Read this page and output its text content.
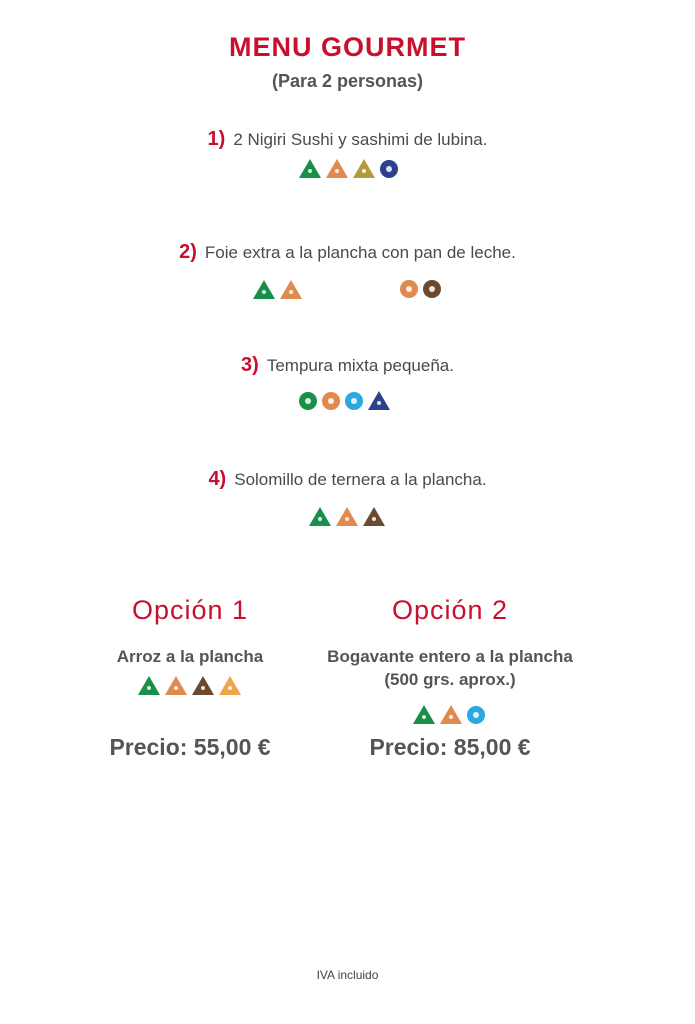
MENU GOURMET
(Para 2 personas)
1) 2 Nigiri Sushi y sashimi de lubina.
2) Foie extra a la plancha con pan de leche.
3) Tempura mixta pequeña.
4) Solomillo de ternera a la plancha.
Opción 1
Arroz a la plancha
Precio: 55,00 €
Opción 2
Bogavante entero a la plancha (500 grs. aprox.)
Precio: 85,00 €
IVA incluido
